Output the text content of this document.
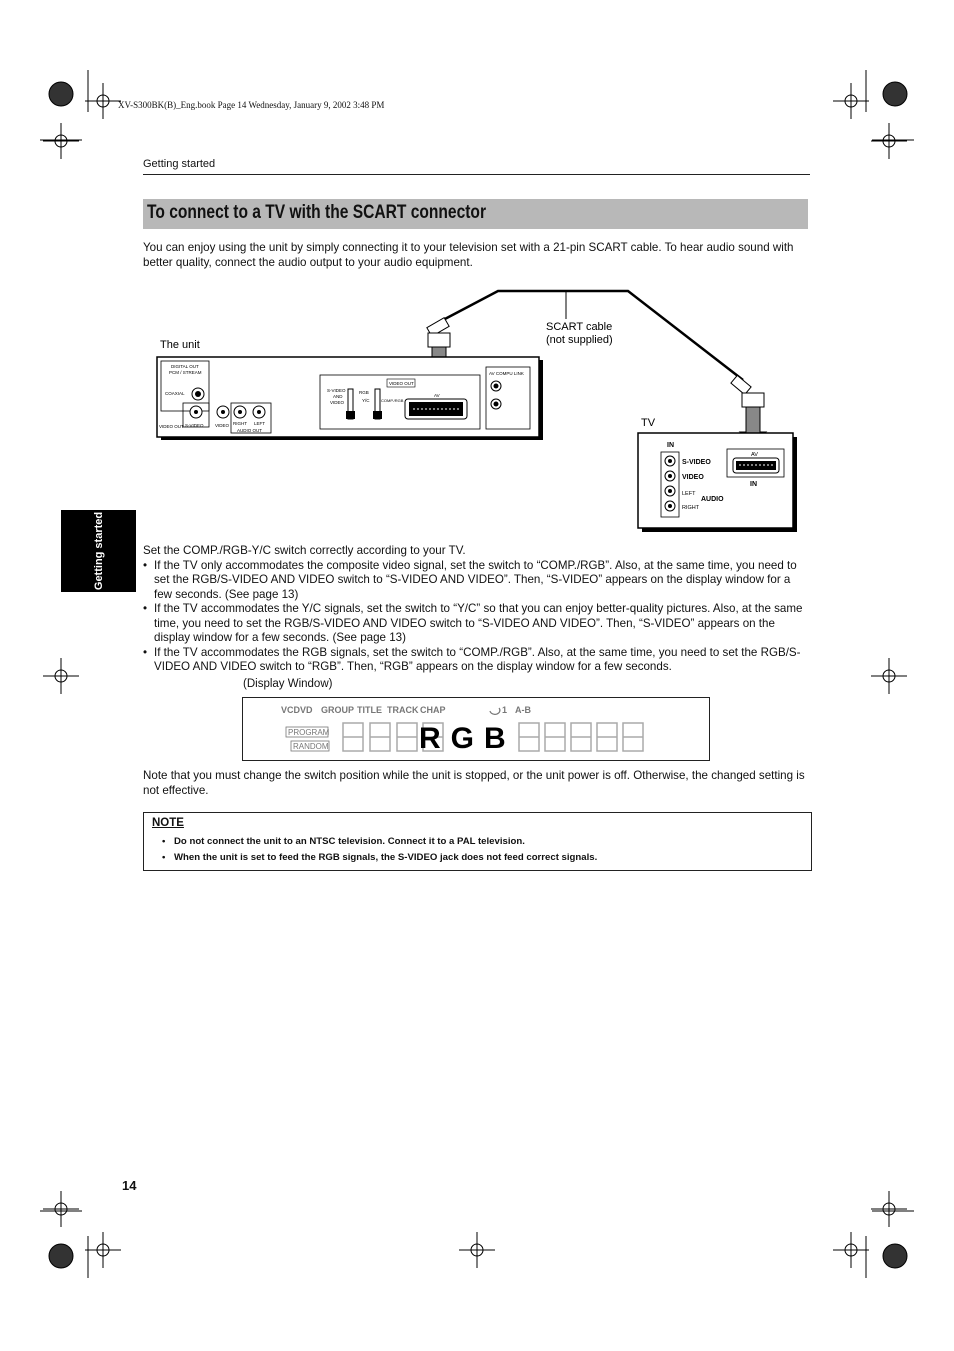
XV-S300BK(B)_Eng.book Page 14 Wednesday, January 9, 2002 3:48 PM
Getting started
To connect to a TV with the SCART connector
You can enjoy using the unit by simply connecting it to your television set with a 21-pin SCART cable. To hear audio sound with better quality, connect the audio output to your audio equipment.
The unit
SCART cable
(not supplied)
TV
DIGITAL OUT
PCM / STREAM
COAXIAL
VIDEO OUT S-VIDEO	VIDEO RIGHT LEFT
AUDIO OUT
S-VIDEO
AND
VIDEO
RGB
Y/C	COMP./RGB
VIDEO OUT
AV
AV COMPU LINK
IN
S-VIDEO
VIDEO
LEFT
AUDIO
RIGHT
AV
IN
Getting started	Set the COMP./RGB-Y/C switch correctly according to your TV.

• If the TV only accommodates the composite video signal, set the switch to “COMP./RGB”. Also, at the same time, you need to set the RGB/S-VIDEO AND VIDEO switch to “S-VIDEO AND VIDEO”. Then, “S-VIDEO” appears on the display window for a few seconds. (See page 13)
• If the TV accommodates the Y/C signals, set the switch to “Y/C” so that you can enjoy better-quality pictures. Also, at the same time, you need to set the RGB/S-VIDEO AND VIDEO switch to “S-VIDEO AND VIDEO”. Then, “S-VIDEO” appears on the display window for a few seconds. (See page 13)
• If the TV accommodates the RGB signals, set the switch to “COMP./RGB”. Also, at the same time, you need to set the RGB/S-VIDEO AND VIDEO switch to “RGB”. Then, “RGB” appears on the display window for a few seconds.
(Display Window)
VCDVD GROUP TITLE TRACK CHAP	1 A-B
PROGRAM
RANDOM	RGB
Note that you must change the switch position while the unit is stopped, or the unit power is off. Otherwise, the changed setting is not effective.
NOTE
• Do not connect the unit to an NTSC television. Connect it to a PAL television.
• When the unit is set to feed the RGB signals, the S-VIDEO jack does not feed correct signals.
14
